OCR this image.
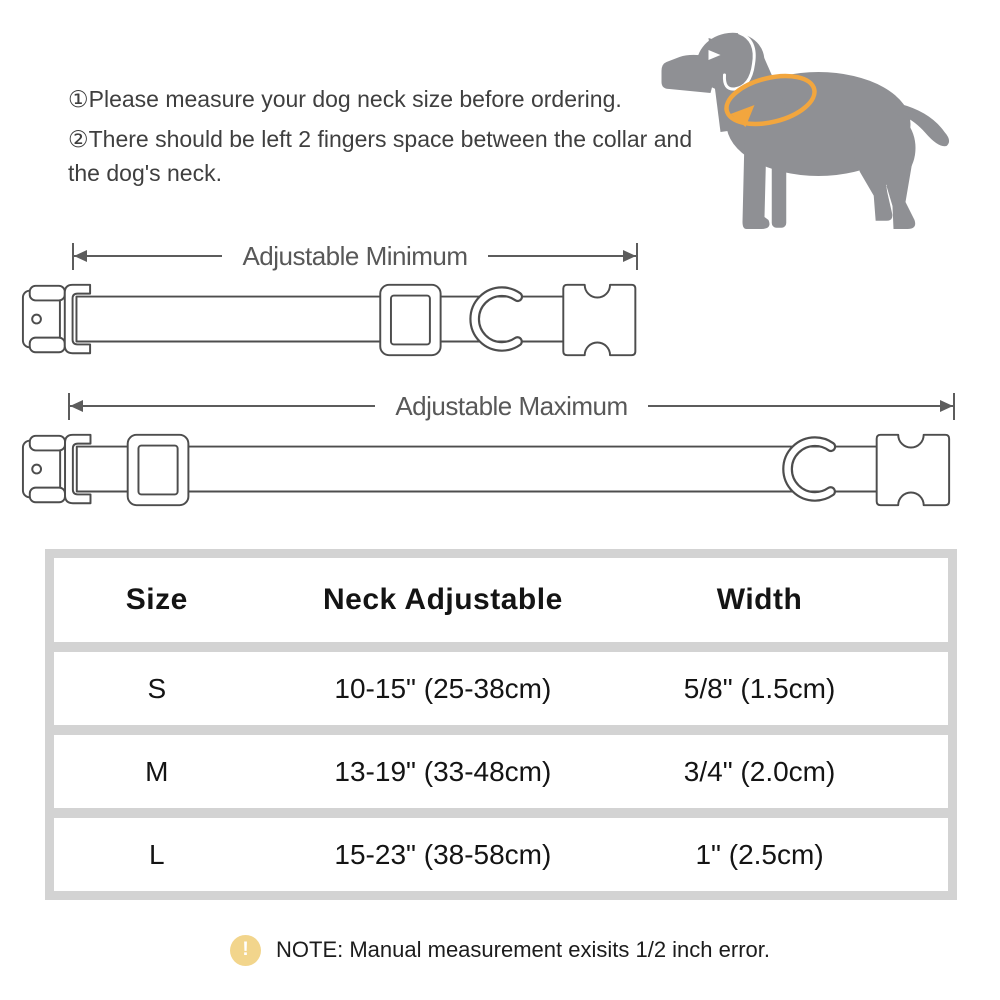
①Please measure your dog neck size before ordering.

②There should be left 2 fingers space between the collar and the dog's neck.

Adjustable Minimum
Adjustable Maximum
Size	Neck Adjustable	Width
S	10-15" (25-38cm)	5/8" (1.5cm)
M	13-19" (33-48cm)	3/4" (2.0cm)
L	15-23" (38-58cm)	1" (2.5cm)
!	NOTE: Manual measurement exisits 1/2 inch error.
